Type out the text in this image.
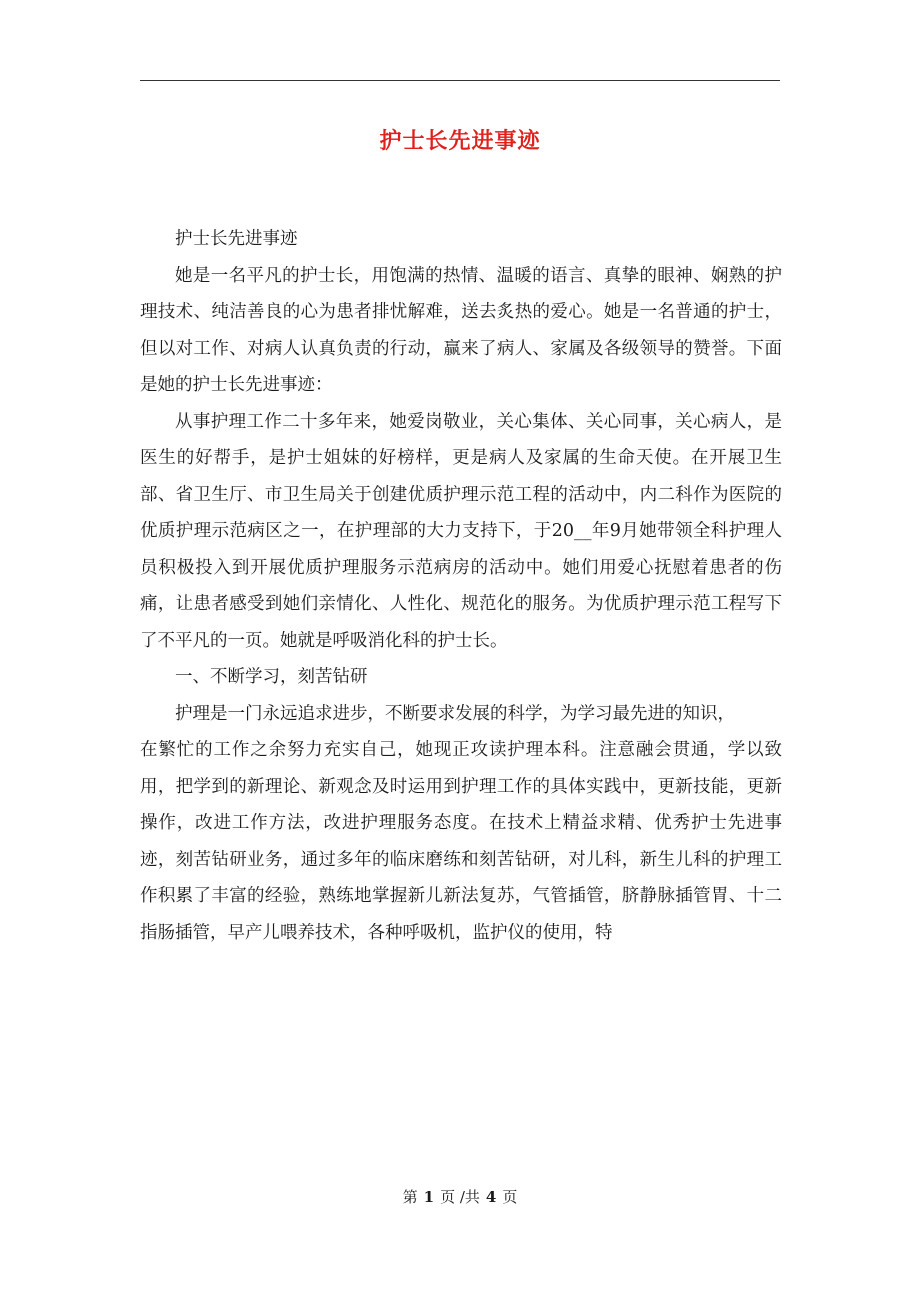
护士长先进事迹

护士长先进事迹

她是一名平凡的护士长，用饱满的热情、温暖的语言、真挚的眼神、娴熟的护理技术、纯洁善良的心为患者排忧解难，送去炙热的爱心。她是一名普通的护士，但以对工作、对病人认真负责的行动，赢来了病人、家属及各级领导的赞誉。下面是她的护士长先进事迹：

从事护理工作二十多年来，她爱岗敬业，关心集体、关心同事，关心病人，是医生的好帮手，是护士姐妹的好榜样，更是病人及家属的生命天使。在开展卫生部、省卫生厅、市卫生局关于创建优质护理示范工程的活动中，内二科作为医院的优质护理示范病区之一，在护理部的大力支持下，于20__年9月她带领全科护理人员积极投入到开展优质护理服务示范病房的活动中。她们用爱心抚慰着患者的伤痛，让患者感受到她们亲情化、人性化、规范化的服务。为优质护理示范工程写下了不平凡的一页。她就是呼吸消化科的护士长。

一、不断学习，刻苦钻研

护理是一门永远追求进步，不断要求发展的科学，为学习最先进的知识，

在繁忙的工作之余努力充实自己，她现正攻读护理本科。注意融会贯通，学以致用，把学到的新理论、新观念及时运用到护理工作的具体实践中，更新技能，更新操作，改进工作方法，改进护理服务态度。在技术上精益求精、优秀护士先进事迹，刻苦钻研业务，通过多年的临床磨练和刻苦钻研，对儿科，新生儿科的护理工作积累了丰富的经验，熟练地掌握新儿新法复苏，气管插管，脐静脉插管胃、十二指肠插管，早产儿喂养技术，各种呼吸机，监护仪的使用，特

第 1 页 /共 4 页
